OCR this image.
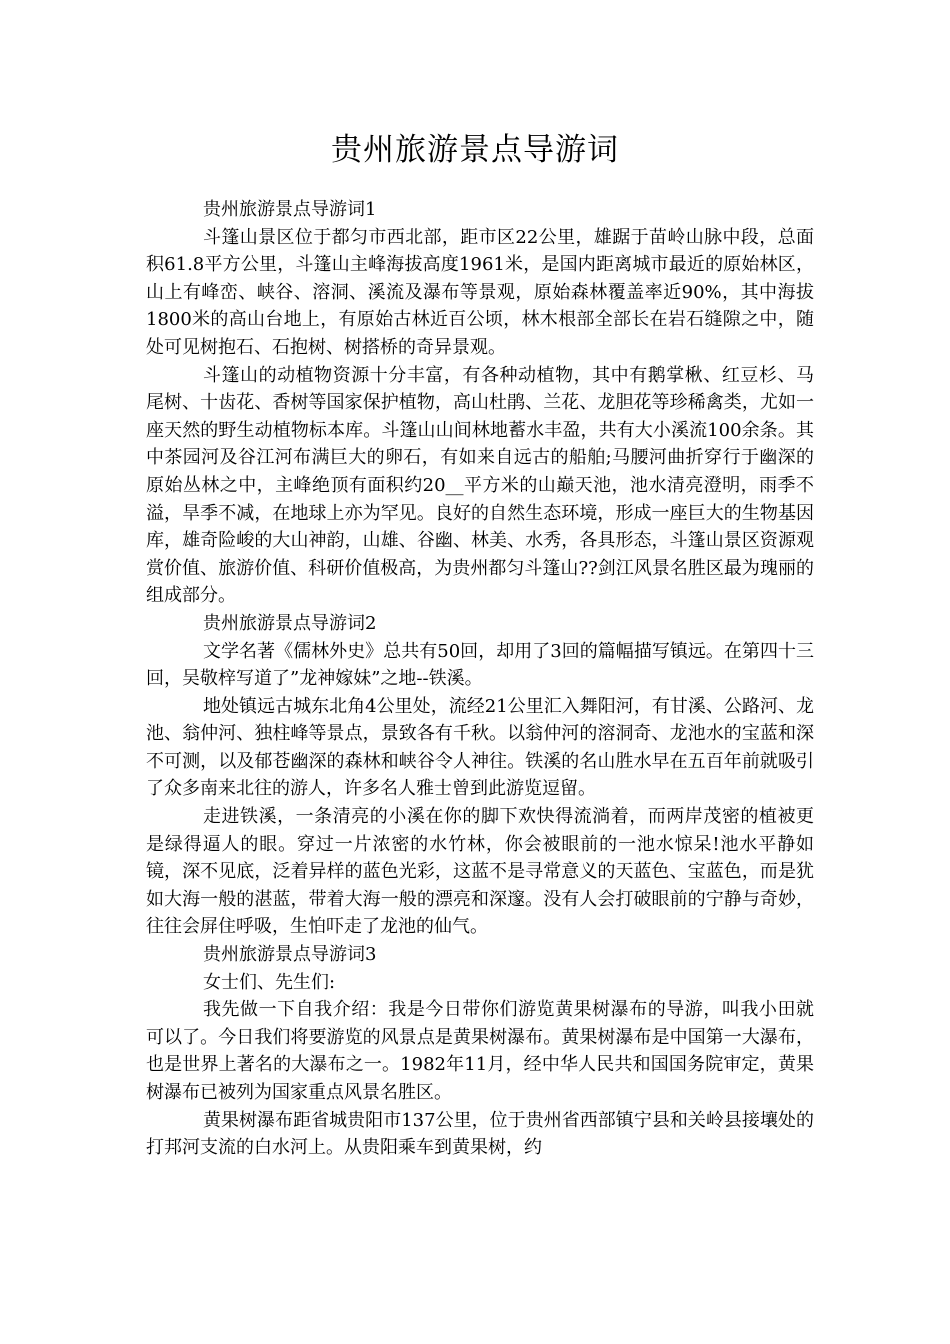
贵州旅游景点导游词

贵州旅游景点导游词1

斗篷山景区位于都匀市西北部，距市区22公里，雄踞于苗岭山脉中段，总面积61.8平方公里，斗篷山主峰海拔高度1961米，是国内距离城市最近的原始林区，山上有峰峦、峡谷、溶洞、溪流及瀑布等景观，原始森林覆盖率近90%，其中海拔1800米的高山台地上，有原始古林近百公顷，林木根部全部长在岩石缝隙之中，随处可见树抱石、石抱树、树搭桥的奇异景观。

斗篷山的动植物资源十分丰富，有各种动植物，其中有鹅掌楸、红豆杉、马尾树、十齿花、香树等国家保护植物，高山杜鹃、兰花、龙胆花等珍稀禽类，尤如一座天然的野生动植物标本库。斗篷山山间林地蓄水丰盈，共有大小溪流100余条。其中茶园河及谷江河布满巨大的卵石，有如来自远古的船舶;马腰河曲折穿行于幽深的原始丛林之中，主峰绝顶有面积约20__平方米的山巅天池，池水清亮澄明，雨季不溢，旱季不减，在地球上亦为罕见。良好的自然生态环境，形成一座巨大的生物基因库，雄奇险峻的大山神韵，山雄、谷幽、林美、水秀，各具形态，斗篷山景区资源观赏价值、旅游价值、科研价值极高，为贵州都匀斗篷山??剑江风景名胜区最为瑰丽的组成部分。

贵州旅游景点导游词2

文学名著《儒林外史》总共有50回，却用了3回的篇幅描写镇远。在第四十三回，吴敬梓写道了”龙神嫁妹”之地--铁溪。

地处镇远古城东北角4公里处，流经21公里汇入舞阳河，有甘溪、公路河、龙池、翁仲河、独柱峰等景点，景致各有千秋。以翁仲河的溶洞奇、龙池水的宝蓝和深不可测，以及郁苍幽深的森林和峡谷令人神往。铁溪的名山胜水早在五百年前就吸引了众多南来北往的游人，许多名人雅士曾到此游览逗留。

走进铁溪，一条清亮的小溪在你的脚下欢快得流淌着，而两岸茂密的植被更是绿得逼人的眼。穿过一片浓密的水竹林，你会被眼前的一池水惊呆!池水平静如镜，深不见底，泛着异样的蓝色光彩，这蓝不是寻常意义的天蓝色、宝蓝色，而是犹如大海一般的湛蓝，带着大海一般的漂亮和深邃。没有人会打破眼前的宁静与奇妙，往往会屏住呼吸，生怕吓走了龙池的仙气。

贵州旅游景点导游词3

女士们、先生们:

我先做一下自我介绍：我是今日带你们游览黄果树瀑布的导游，叫我小田就可以了。今日我们将要游览的风景点是黄果树瀑布。黄果树瀑布是中国第一大瀑布，也是世界上著名的大瀑布之一。1982年11月，经中华人民共和国国务院审定，黄果树瀑布已被列为国家重点风景名胜区。

黄果树瀑布距省城贵阳市137公里，位于贵州省西部镇宁县和关岭县接壤处的打邦河支流的白水河上。从贵阳乘车到黄果树，约
